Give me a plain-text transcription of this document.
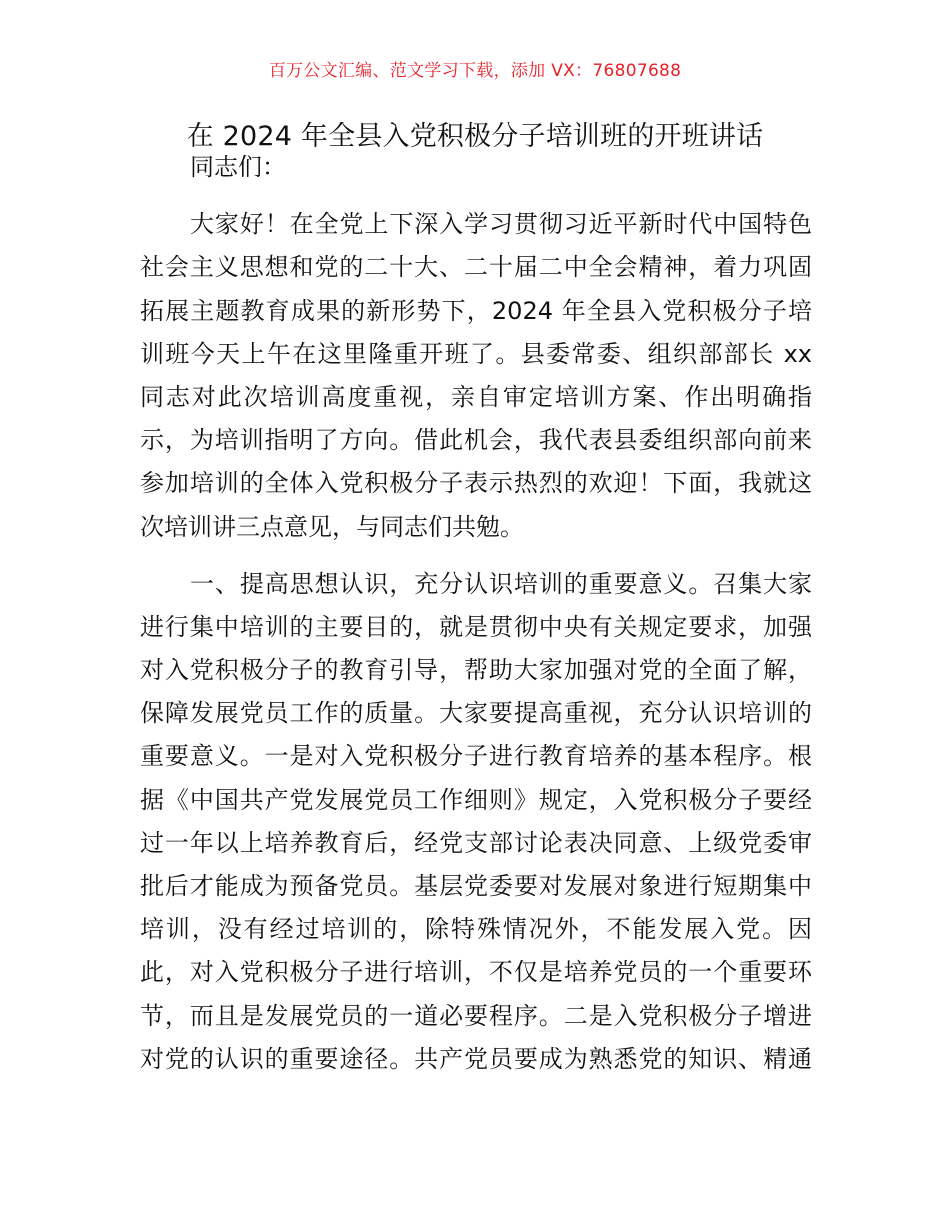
百万公文汇编、范文学习下载，添加 VX：76807688
在 2024 年全县入党积极分子培训班的开班讲话
同志们：
大家好！在全党上下深入学习贯彻习近平新时代中国特色
社会主义思想和党的二十大、二十届二中全会精神，着力巩固
拓展主题教育成果的新形势下，2024 年全县入党积极分子培
训班今天上午在这里隆重开班了。县委常委、组织部部长 xx
同志对此次培训高度重视，亲自审定培训方案、作出明确指
示，为培训指明了方向。借此机会，我代表县委组织部向前来
参加培训的全体入党积极分子表示热烈的欢迎！下面，我就这
次培训讲三点意见，与同志们共勉。
一、提高思想认识，充分认识培训的重要意义。召集大家
进行集中培训的主要目的，就是贯彻中央有关规定要求，加强
对入党积极分子的教育引导，帮助大家加强对党的全面了解，
保障发展党员工作的质量。大家要提高重视，充分认识培训的
重要意义。一是对入党积极分子进行教育培养的基本程序。根
据《中国共产党发展党员工作细则》规定，入党积极分子要经
过一年以上培养教育后，经党支部讨论表决同意、上级党委审
批后才能成为预备党员。基层党委要对发展对象进行短期集中
培训，没有经过培训的，除特殊情况外，不能发展入党。因
此，对入党积极分子进行培训，不仅是培养党员的一个重要环
节，而且是发展党员的一道必要程序。二是入党积极分子增进
对党的认识的重要途径。共产党员要成为熟悉党的知识、精通
